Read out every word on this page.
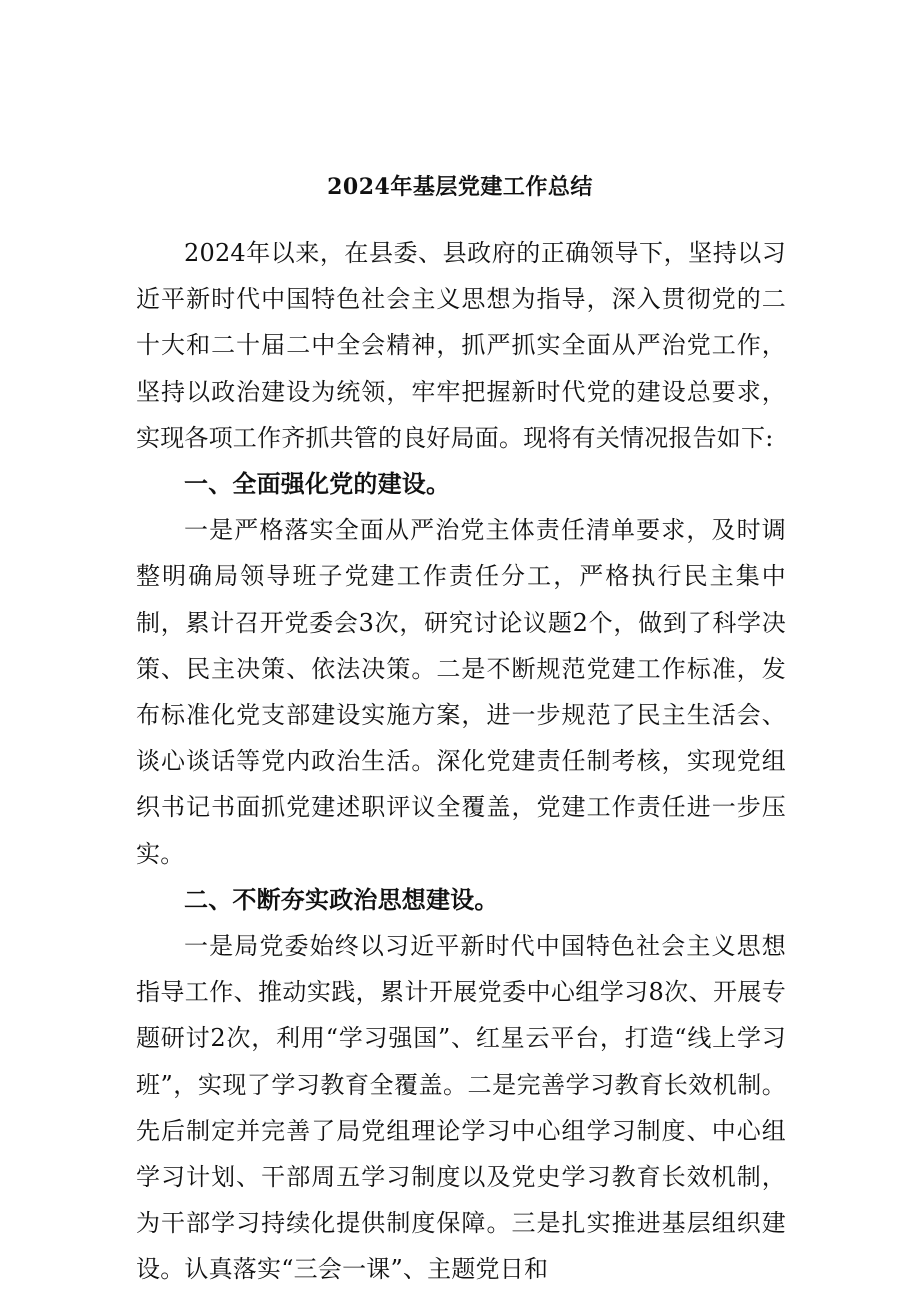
2024年基层党建工作总结

2024年以来，在县委、县政府的正确领导下，坚持以习近平新时代中国特色社会主义思想为指导，深入贯彻党的二十大和二十届二中全会精神，抓严抓实全面从严治党工作，坚持以政治建设为统领，牢牢把握新时代党的建设总要求，实现各项工作齐抓共管的良好局面。现将有关情况报告如下:

一、全面强化党的建设。

一是严格落实全面从严治党主体责任清单要求，及时调整明确局领导班子党建工作责任分工，严格执行民主集中制，累计召开党委会3次，研究讨论议题2个，做到了科学决策、民主决策、依法决策。二是不断规范党建工作标准，发布标准化党支部建设实施方案，进一步规范了民主生活会、谈心谈话等党内政治生活。深化党建责任制考核，实现党组织书记书面抓党建述职评议全覆盖，党建工作责任进一步压实。

二、不断夯实政治思想建设。

一是局党委始终以习近平新时代中国特色社会主义思想指导工作、推动实践，累计开展党委中心组学习8次、开展专题研讨2次，利用“学习强国”、红星云平台，打造“线上学习班”，实现了学习教育全覆盖。二是完善学习教育长效机制。先后制定并完善了局党组理论学习中心组学习制度、中心组学习计划、干部周五学习制度以及党史学习教育长效机制，为干部学习持续化提供制度保障。三是扎实推进基层组织建设。认真落实“三会一课”、主题党日和
